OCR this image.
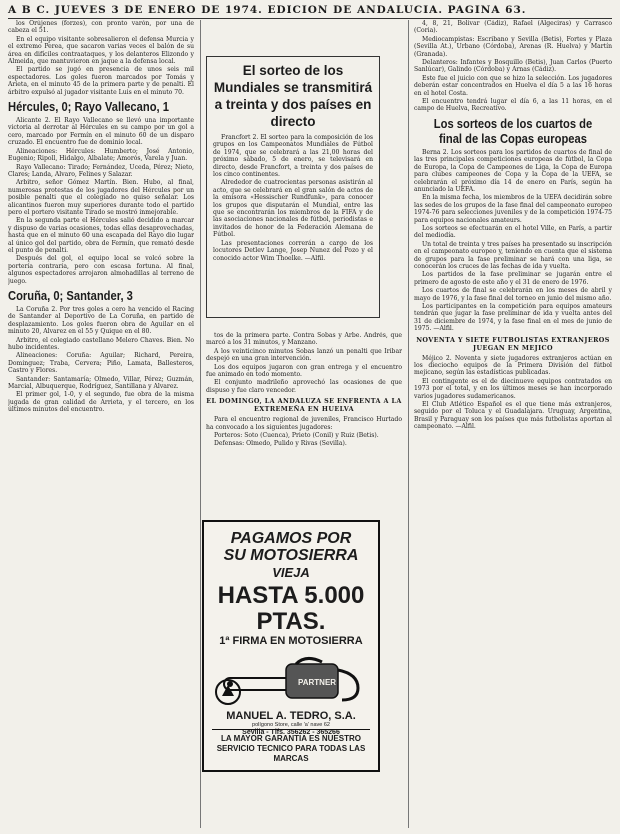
A B C. JUEVES 3 DE ENERO DE 1974. EDICION DE ANDALUCIA. PAGINA 63.

los Orújenes (forzes), con pronto varón, por una de cabeza el 51.

En el equipo visitante sobresalieron el defensa Murcia y el extremo Perea, que sacaron varias veces el balón de su área en difíciles contraataques, y los delanteros Elizondo y Almeida, que mantuvieron en jaque a la defensa local.

El partido se jugó en presencia de unos seis mil espectadores. Los goles fueron marcados por Tomás y Arieta, en el minuto 45 de la primera parte y de penalti. El árbitro expulsó al jugador visitante Luis en el minuto 70.

Hércules, 0; Rayo Vallecano, 1

Alicante 2. El Rayo Vallecano se llevó una importante victoria al derrotar al Hércules en su campo por un gol a cero, marcado por Fermín en el minuto 60 de un disparo cruzado. El encuentro fue de dominio local.

Alineaciones: Hércules: Humberto; José Antonio, Eugenio; Ripoll, Hidalgo, Albalate; Amorós, Varela y Juan.

Rayo Vallecano: Tirado; Fernández, Uceda, Pérez; Nieto, Clares; Landa, Alvaro, Felines y Salazar.

Arbitro, señor Gómez Martín. Bien. Hubo, al final, numerosas protestas de los jugadores del Hércules por un posible penalti que el colegiado no quiso señalar. Los alicantinos fueron muy superiores durante todo el partido pero el portero visitante Tirado se mostró inmejorable.

En la segunda parte el Hércules salió decidido a marcar y dispuso de varias ocasiones, todas ellas desaprovechadas, hasta que en el minuto 60 una escapada del Rayo dio lugar al único gol del partido, obra de Fermín, que remató desde el punto de penalti.

Después del gol, el equipo local se volcó sobre la portería contraria, pero con escasa fortuna. Al final, algunos espectadores arrojaron almohadillas al terreno de juego.

Coruña, 0; Santander, 3

La Coruña 2. Por tres goles a cero ha vencido el Racing de Santander al Deportivo de La Coruña, en partido de desplazamiento. Los goles fueron obra de Aguilar en el minuto 20, Alvarez en el 55 y Quique en el 80.

Arbitro, el colegiado castellano Melero Chaves. Bien. No hubo incidentes.

Alineaciones: Coruña: Aguilar; Richard, Pereira, Dominguez; Traba, Cervera; Piño, Lamata, Ballesteros, Castro y Flores.

Santander: Santamaría; Olmedo, Villar, Pérez; Guzmán, Marcial, Albuquerque, Rodríguez, Santillana y Alvarez.

El primer gol, 1-0, y el segundo, fue obra de la misma jugada de gran calidad de Arrieta, y el tercero, en los últimos minutos del encuentro.

El sorteo de los Mundiales se transmitirá a treinta y dos países en directo

Francfort 2. El sorteo para la composición de los grupos en los Campeonatos Mundiales de Fútbol de 1974, que se celebrará a las 21,00 horas del próximo sábado, 5 de enero, se televisará en directo, desde Francfort, a treinta y dos países de los cinco continentes.

Alrededor de cuatrocientas personas asistirán al acto, que se celebrará en el gran salón de actos de la emisora «Hessischer Rundfunk», para conocer los grupos que disputarán el Mundial, entre las que se encontrarán los miembros de la FIFA y de las asociaciones nacionales de fútbol, periodistas e invitados de honor de la Federación Alemana de Fútbol.

Las presentaciones correrán a cargo de los locutores Detlev Lange, Josep Nunez del Pozo y el conocido actor Wim Thoelke. —Alfil.

tos de la primera parte. Contra Sobas y Arbe. Andrés, que marcó a los 31 minutos, y Manzano.

A los veinticinco minutos Sobas lanzó un penalti que Iribar despejó en una gran intervención.

Los dos equipos jugaron con gran entrega y el encuentro fue animado en todo momento.

El conjunto madrileño aprovechó las ocasiones de que dispuso y fue claro vencedor.

EL DOMINGO, LA ANDALUZA SE ENFRENTA A LA EXTREMEÑA EN HUELVA

Para el encuentro regional de juveniles, Francisco Hurtado ha convocado a los siguientes jugadores:

Porteros: Soto (Cuenca), Prieto (Conil) y Ruiz (Betis).

Defensas: Olmedo, Pulido y Rivas (Sevilla).

PAGAMOS POR
SU MOTOSIERRA
VIEJA
HASTA 5.000 PTAS.
1ª FIRMA EN MOTOSIERRA
PARTNER
MANUEL A. TEDRO, S.A.
polígono Store, calle 'a' nave 62
Sevilla - Tlfs. 356262 - 365266
LA MAYOR GARANTIA ES NUESTRO SERVICIO TECNICO PARA TODAS LAS MARCAS

4, 8, 21, Bolivar (Cádiz), Rafael (Algeciras) y Carrasco (Coria).

Mediocampistas: Escribano y Sevilla (Betis), Fortes y Plaza (Sevilla At.), Urbano (Córdoba), Arenas (R. Huelva) y Martín (Granada).

Delanteros: Infantes y Bosquillo (Betis), Juan Carlos (Puerto Sanlúcar), Galindo (Córdoba) y Arnas (Cádiz).

Este fue el juicio con que se hizo la selección. Los jugadores deberán estar concentrados en Huelva el día 5 a las 16 horas en el hotel Costa.

El encuentro tendrá lugar el día 6, a las 11 horas, en el campo de Huelva, Recreativo.

Los sorteos de los cuartos de final de las Copas europeas

Berna 2. Los sorteos para los partidos de cuartos de final de las tres principales competiciones europeas de fútbol, la Copa de Europa, la Copa de Campeones de Liga, la Copa de Europa para clubes campeones de Copa y la Copa de la UEFA, se celebrarán el próximo día 14 de enero en París, según ha anunciado la UEFA.

En la misma fecha, los miembros de la UEFA decidirán sobre las sedes de los grupos de la fase final del campeonato europeo 1974-76 para selecciones juveniles y de la competición 1974-75 para equipos nacionales amateurs.

Los sorteos se efectuarán en el hotel Ville, en París, a partir del mediodía.

Un total de treinta y tres países ha presentado su inscripción en el campeonato europeo y, teniendo en cuenta que el sistema de grupos para la fase preliminar se hará con una liga, se conocerán los cruces de las fechas de ida y vuelta.

Los partidos de la fase preliminar se jugarán entre el primero de agosto de este año y el 31 de enero de 1976.

Los cuartos de final se celebrarán en los meses de abril y mayo de 1976, y la fase final del torneo en junio del mismo año.

Los participantes en la competición para equipos amateurs tendrán que jugar la fase preliminar de ida y vuelta antes del 31 de diciembre de 1974, y la fase final en el mes de junio de 1975. —Alfil.

NOVENTA Y SIETE FUTBOLISTAS EXTRANJEROS JUEGAN EN MEJICO

Méjico 2. Noventa y siete jugadores extranjeros actúan en los dieciocho equipos de la Primera División del fútbol mejicano, según las estadísticas publicadas.

El contingente es el de diecinueve equipos contratados en 1973 por el total, y en los últimos meses se han incorporado varios jugadores sudamericanos.

El Club Atlético Español es el que tiene más extranjeros, seguido por el Toluca y el Guadalajara. Uruguay, Argentina, Brasil y Paraguay son los países que más futbolistas aportan al campeonato. —Alfil.
